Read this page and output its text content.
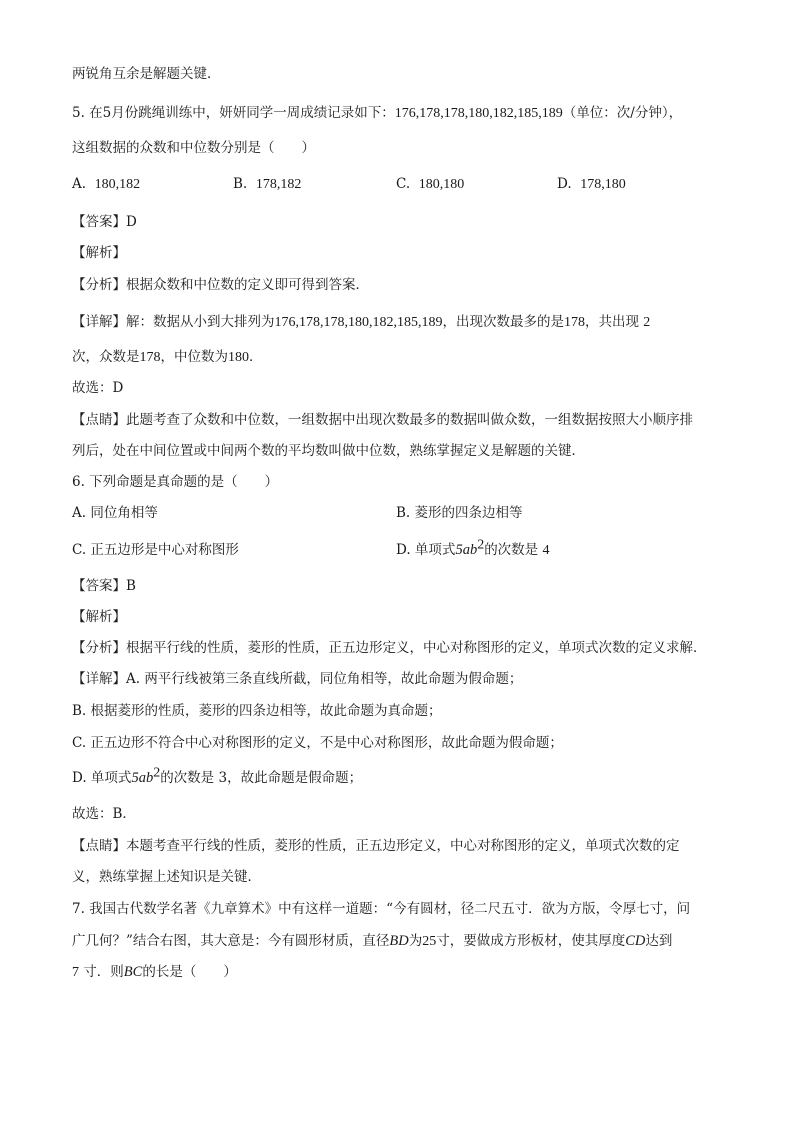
两锐角互余是解题关键．
5. 在5月份跳绳训练中，妍妍同学一周成绩记录如下：176,178,178,180,182,185,189（单位：次/分钟），
这组数据的众数和中位数分别是（　　）
A. 180,182	B. 178,182	C. 180,180	D. 178,180
【答案】D
【解析】
【分析】根据众数和中位数的定义即可得到答案．
【详解】解：数据从小到大排列为176,178,178,180,182,185,189，出现次数最多的是178，共出现 2
次，众数是178，中位数为180．
故选：D
【点睛】此题考查了众数和中位数，一组数据中出现次数最多的数据叫做众数，一组数据按照大小顺序排
列后，处在中间位置或中间两个数的平均数叫做中位数，熟练掌握定义是解题的关键．
6. 下列命题是真命题的是（　　）
A. 同位角相等	B. 菱形的四条边相等
C. 正五边形是中心对称图形	D. 单项式$5ab^2$的次数是 4
【答案】B
【解析】
【分析】根据平行线的性质，菱形的性质，正五边形定义，中心对称图形的定义，单项式次数的定义求解．
【详解】A. 两平行线被第三条直线所截，同位角相等，故此命题为假命题；
B. 根据菱形的性质，菱形的四条边相等，故此命题为真命题；
C. 正五边形不符合中心对称图形的定义，不是中心对称图形，故此命题为假命题；
D. 单项式$5ab^2$的次数是 3，故此命题是假命题；
故选：B．
【点睛】本题考查平行线的性质，菱形的性质，正五边形定义，中心对称图形的定义，单项式次数的定
义，熟练掌握上述知识是关键．
7. 我国古代数学名著《九章算术》中有这样一道题：“今有圆材，径二尺五寸．欲为方版，令厚七寸，问
广几何？”结合右图，其大意是：今有圆形材质，直径BD为25寸，要做成方形板材，使其厚度CD达到
7 寸．则BC的长是（　　）
